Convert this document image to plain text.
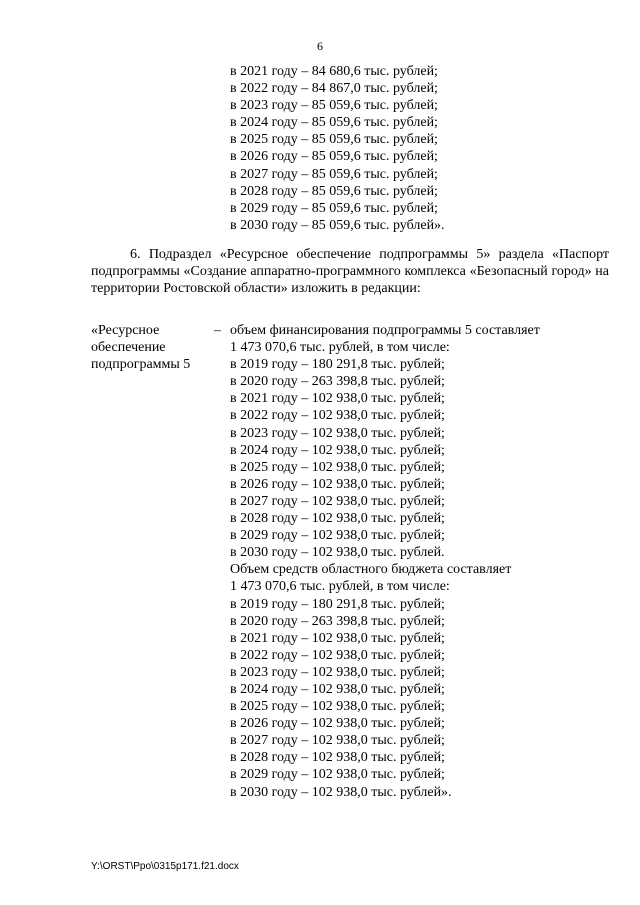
6
в 2021 году – 84 680,6 тыс. рублей;
в 2022 году – 84 867,0 тыс. рублей;
в 2023 году – 85 059,6 тыс. рублей;
в 2024 году – 85 059,6 тыс. рублей;
в 2025 году – 85 059,6 тыс. рублей;
в 2026 году – 85 059,6 тыс. рублей;
в 2027 году – 85 059,6 тыс. рублей;
в 2028 году – 85 059,6 тыс. рублей;
в 2029 году – 85 059,6 тыс. рублей;
в 2030 году – 85 059,6 тыс. рублей».
6. Подраздел «Ресурсное обеспечение подпрограммы 5» раздела «Паспорт подпрограммы «Создание аппаратно-программного комплекса «Безопасный город» на территории Ростовской области» изложить в редакции:
«Ресурсное
обеспечение
подпрограммы 5
– объем финансирования подпрограммы 5 составляет
1 473 070,6 тыс. рублей, в том числе:
в 2019 году – 180 291,8 тыс. рублей;
в 2020 году – 263 398,8 тыс. рублей;
в 2021 году – 102 938,0 тыс. рублей;
в 2022 году – 102 938,0 тыс. рублей;
в 2023 году – 102 938,0 тыс. рублей;
в 2024 году – 102 938,0 тыс. рублей;
в 2025 году – 102 938,0 тыс. рублей;
в 2026 году – 102 938,0 тыс. рублей;
в 2027 году – 102 938,0 тыс. рублей;
в 2028 году – 102 938,0 тыс. рублей;
в 2029 году – 102 938,0 тыс. рублей;
в 2030 году – 102 938,0 тыс. рублей.
Объем средств областного бюджета составляет
1 473 070,6 тыс. рублей, в том числе:
в 2019 году – 180 291,8 тыс. рублей;
в 2020 году – 263 398,8 тыс. рублей;
в 2021 году – 102 938,0 тыс. рублей;
в 2022 году – 102 938,0 тыс. рублей;
в 2023 году – 102 938,0 тыс. рублей;
в 2024 году – 102 938,0 тыс. рублей;
в 2025 году – 102 938,0 тыс. рублей;
в 2026 году – 102 938,0 тыс. рублей;
в 2027 году – 102 938,0 тыс. рублей;
в 2028 году – 102 938,0 тыс. рублей;
в 2029 году – 102 938,0 тыс. рублей;
в 2030 году – 102 938,0 тыс. рублей».
Y:\ORST\Ppo\0315p171.f21.docx
